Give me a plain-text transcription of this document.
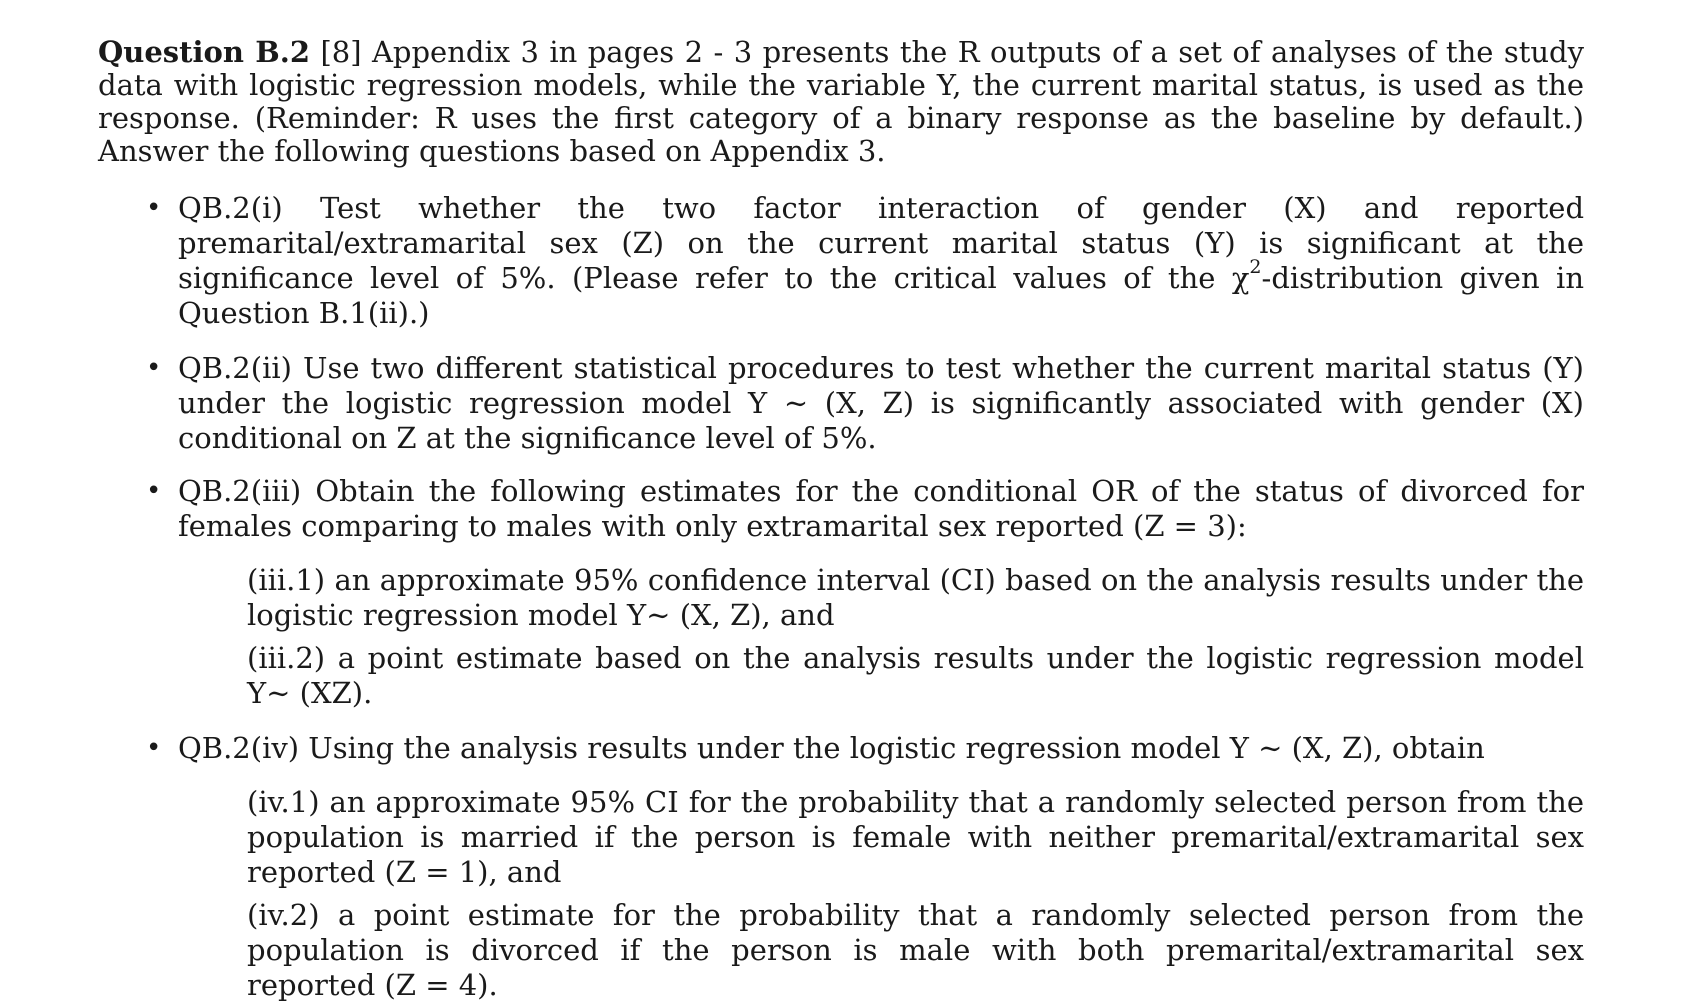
Question B.2 [8] Appendix 3 in pages 2 - 3 presents the R outputs of a set of analyses of the study data with logistic regression models, while the variable Y, the current marital status, is used as the response. (Reminder: R uses the first category of a binary response as the baseline by default.) Answer the following questions based on Appendix 3.

• QB.2(i) Test whether the two factor interaction of gender (X) and reported premarital/extramarital sex (Z) on the current marital status (Y) is significant at the significance level of 5%. (Please refer to the critical values of the $\chi^2$-distribution given in Question B.1(ii).)
• QB.2(ii) Use two different statistical procedures to test whether the current marital status (Y) under the logistic regression model Y ∼ (X, Z) is significantly associated with gender (X) conditional on Z at the significance level of 5%.
• QB.2(iii) Obtain the following estimates for the conditional OR of the status of divorced for females comparing to males with only extramarital sex reported (Z = 3):
(iii.1) an approximate 95% confidence interval (CI) based on the analysis results under the logistic regression model Y∼ (X, Z), and
(iii.2) a point estimate based on the analysis results under the logistic regression model Y∼ (XZ).
• QB.2(iv) Using the analysis results under the logistic regression model Y ∼ (X, Z), obtain
(iv.1) an approximate 95% CI for the probability that a randomly selected person from the population is married if the person is female with neither premarital/extramarital sex reported (Z = 1), and
(iv.2) a point estimate for the probability that a randomly selected person from the population is divorced if the person is male with both premarital/extramarital sex reported (Z = 4).
